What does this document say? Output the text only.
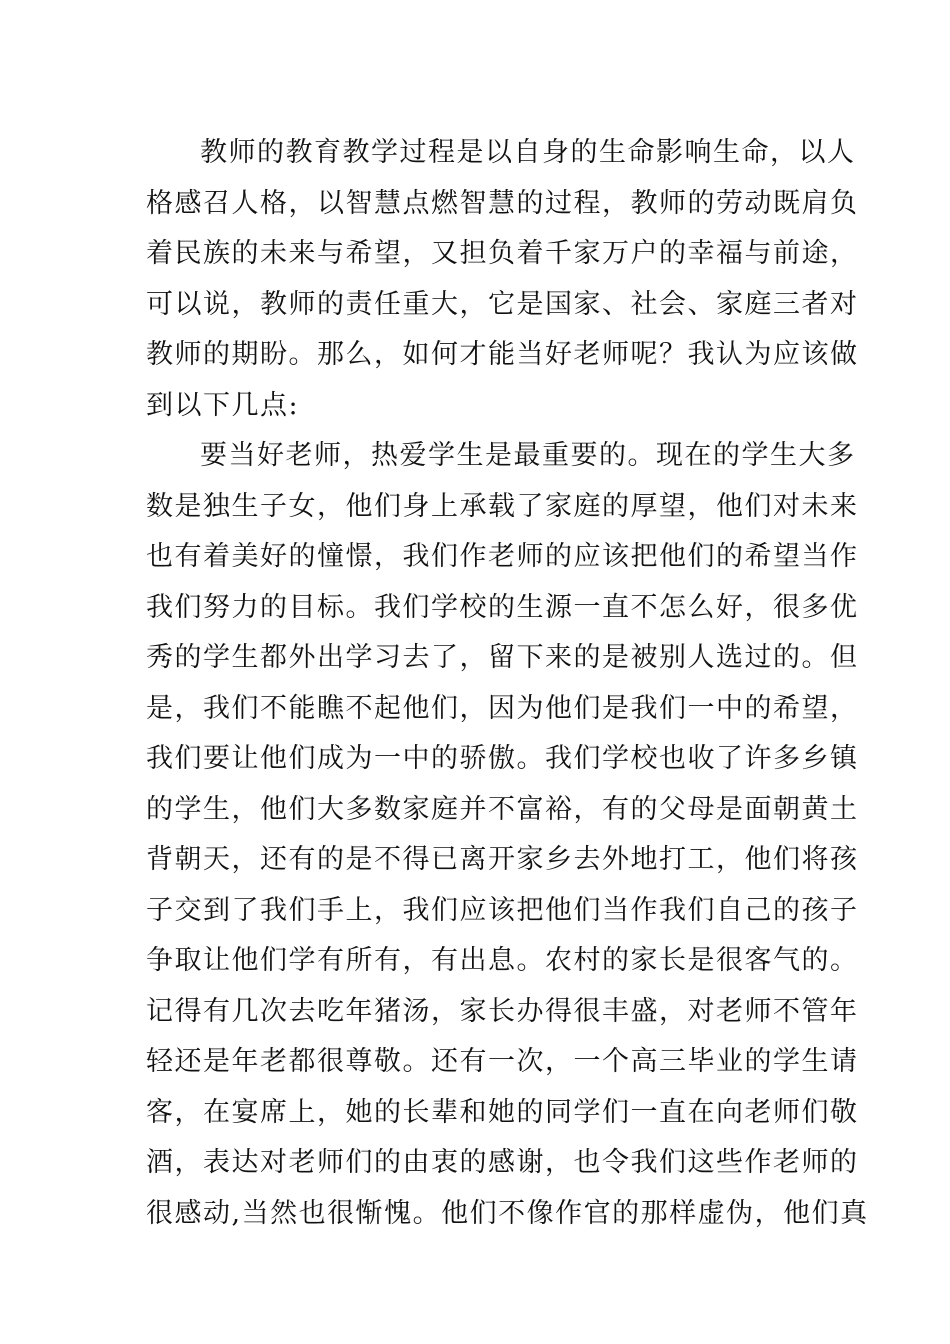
教师的教育教学过程是以自身的生命影响生命，以人
格感召人格，以智慧点燃智慧的过程，教师的劳动既肩负
着民族的未来与希望，又担负着千家万户的幸福与前途，
可以说，教师的责任重大，它是国家、社会、家庭三者对
教师的期盼。那么，如何才能当好老师呢？我认为应该做
到以下几点:
要当好老师，热爱学生是最重要的。现在的学生大多
数是独生子女，他们身上承载了家庭的厚望，他们对未来
也有着美好的憧憬，我们作老师的应该把他们的希望当作
我们努力的目标。我们学校的生源一直不怎么好，很多优
秀的学生都外出学习去了，留下来的是被别人选过的。但
是，我们不能瞧不起他们，因为他们是我们一中的希望，
我们要让他们成为一中的骄傲。我们学校也收了许多乡镇
的学生，他们大多数家庭并不富裕，有的父母是面朝黄土
背朝天，还有的是不得已离开家乡去外地打工，他们将孩
子交到了我们手上，我们应该把他们当作我们自己的孩子
争取让他们学有所有，有出息。农村的家长是很客气的。
记得有几次去吃年猪汤，家长办得很丰盛，对老师不管年
轻还是年老都很尊敬。还有一次，一个高三毕业的学生请
客，在宴席上，她的长辈和她的同学们一直在向老师们敬
酒，表达对老师们的由衷的感谢，也令我们这些作老师的
很感动,当然也很惭愧。他们不像作官的那样虚伪，他们真
